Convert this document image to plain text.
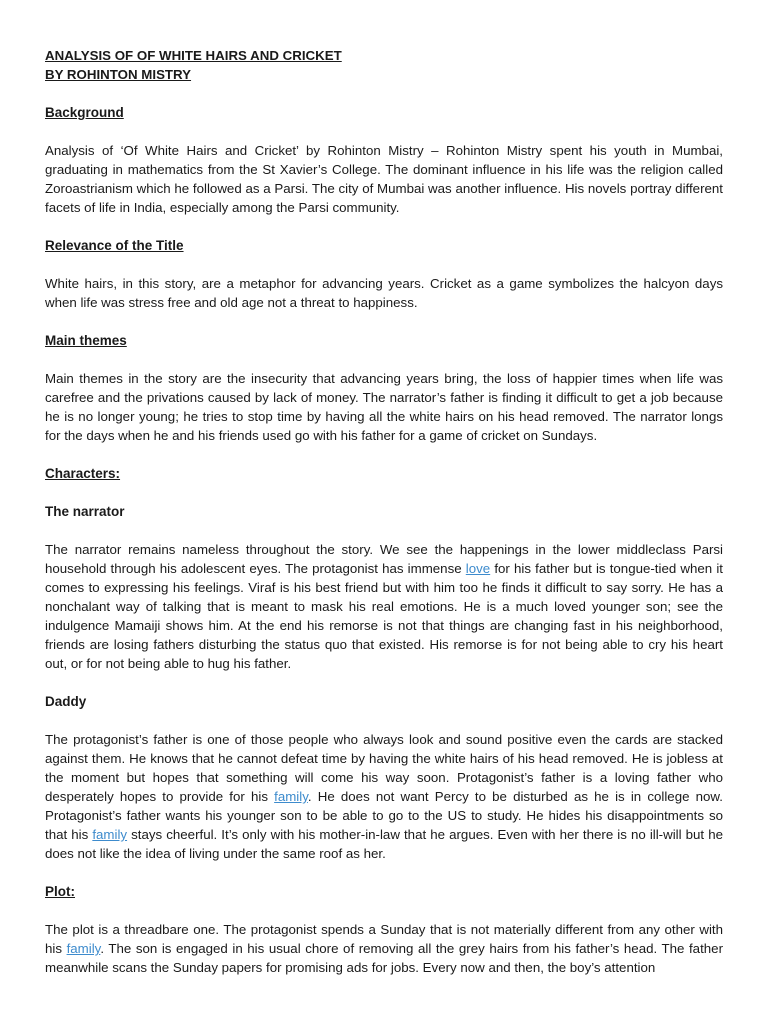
ANALYSIS OF OF WHITE HAIRS AND CRICKET

BY ROHINTON MISTRY

Background

Analysis of ‘Of White Hairs and Cricket’ by Rohinton Mistry – Rohinton Mistry spent his youth in Mumbai, graduating in mathematics from the St Xavier’s College. The dominant influence in his life was the religion called Zoroastrianism which he followed as a Parsi. The city of Mumbai was another influence. His novels portray different facets of life in India, especially among the Parsi community.

Relevance of the Title

White hairs, in this story, are a metaphor for advancing years. Cricket as a game symbolizes the halcyon days when life was stress free and old age not a threat to happiness.

Main themes

Main themes in the story are the insecurity that advancing years bring, the loss of happier times when life was carefree and the privations caused by lack of money. The narrator’s father is finding it difficult to get a job because he is no longer young; he tries to stop time by having all the white hairs on his head removed. The narrator longs for the days when he and his friends used go with his father for a game of cricket on Sundays.

Characters:

The narrator

The narrator remains nameless throughout the story. We see the happenings in the lower middleclass Parsi household through his adolescent eyes. The protagonist has immense love for his father but is tongue-tied when it comes to expressing his feelings. Viraf is his best friend but with him too he finds it difficult to say sorry. He has a nonchalant way of talking that is meant to mask his real emotions. He is a much loved younger son; see the indulgence Mamaiji shows him. At the end his remorse is not that things are changing fast in his neighborhood, friends are losing fathers disturbing the status quo that existed. His remorse is for not being able to cry his heart out, or for not being able to hug his father.

Daddy

The protagonist’s father is one of those people who always look and sound positive even the cards are stacked against them. He knows that he cannot defeat time by having the white hairs of his head removed. He is jobless at the moment but hopes that something will come his way soon. Protagonist’s father is a loving father who desperately hopes to provide for his family. He does not want Percy to be disturbed as he is in college now. Protagonist’s father wants his younger son to be able to go to the US to study. He hides his disappointments so that his family stays cheerful. It’s only with his mother-in-law that he argues. Even with her there is no ill-will but he does not like the idea of living under the same roof as her.

Plot:

The plot is a threadbare one. The protagonist spends a Sunday that is not materially different from any other with his family. The son is engaged in his usual chore of removing all the grey hairs from his father’s head. The father meanwhile scans the Sunday papers for promising ads for jobs. Every now and then, the boy’s attention
